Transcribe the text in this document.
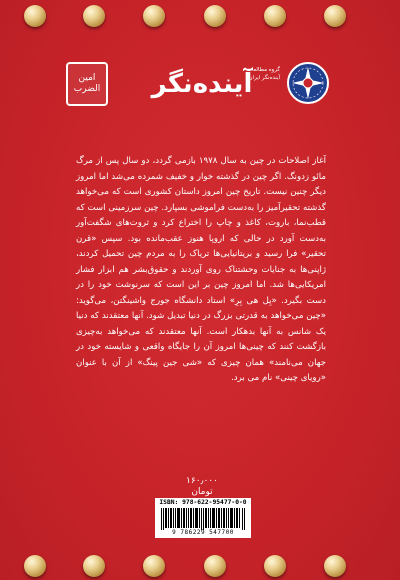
امین الضرب آینده‌نگر
گروه مطالعات آینده‌نگر ایران

آغاز اصلاحات در چین به سال ۱۹۷۸ بازمی گردد، دو سال پس از مرگ مائو زدونگ. اگر چین در گذشته خوار و خفیف شمرده می‌شد اما امروز دیگر چنین نیست. تاریخ چین امروز داستان کشوری است که می‌خواهد گذشته تحقیرآمیز را به‌دست فراموشی بسپارد. چین سرزمینی است که قطب‌نما، باروت، کاغذ و چاپ را اختراع کرد و ثروت‌های شگفت‌آور به‌دست آورد در حالی که اروپا هنوز عقب‌مانده بود. سپس «قرن تحقیر» فرا رسید و بریتانیایی‌ها تریاک را به مردم چین تحمیل کردند، ژاپنی‌ها به جنایات وحشتناک روی آوردند و حقوق‌بشر هم ابزار فشار امریکایی‌ها شد. اما امروز چین بر این است که سرنوشت خود را در دست بگیرد. «یِل هی بِرِ» استاد دانشگاه جورج واشینگتن، می‌گوید: «چین می‌خواهد به قدرتی بزرگ در دنیا تبدیل شود. آنها معتقدند که دنیا یک شانس به آنها بدهکار است. آنها معتقدند که می‌خواهد به‌چیزی بازگشت کنند که چینی‌ها امروز آن را جایگاه واقعی و شایسته خود در جهان می‌نامند» همان چیزی که «شی جین پینگ» از آن با عنوان «رویای چینی» نام می برد.

۱۶۰٫۰۰۰
تومان
ISBN: 978-622-95477-0-0
9 786229 547700
